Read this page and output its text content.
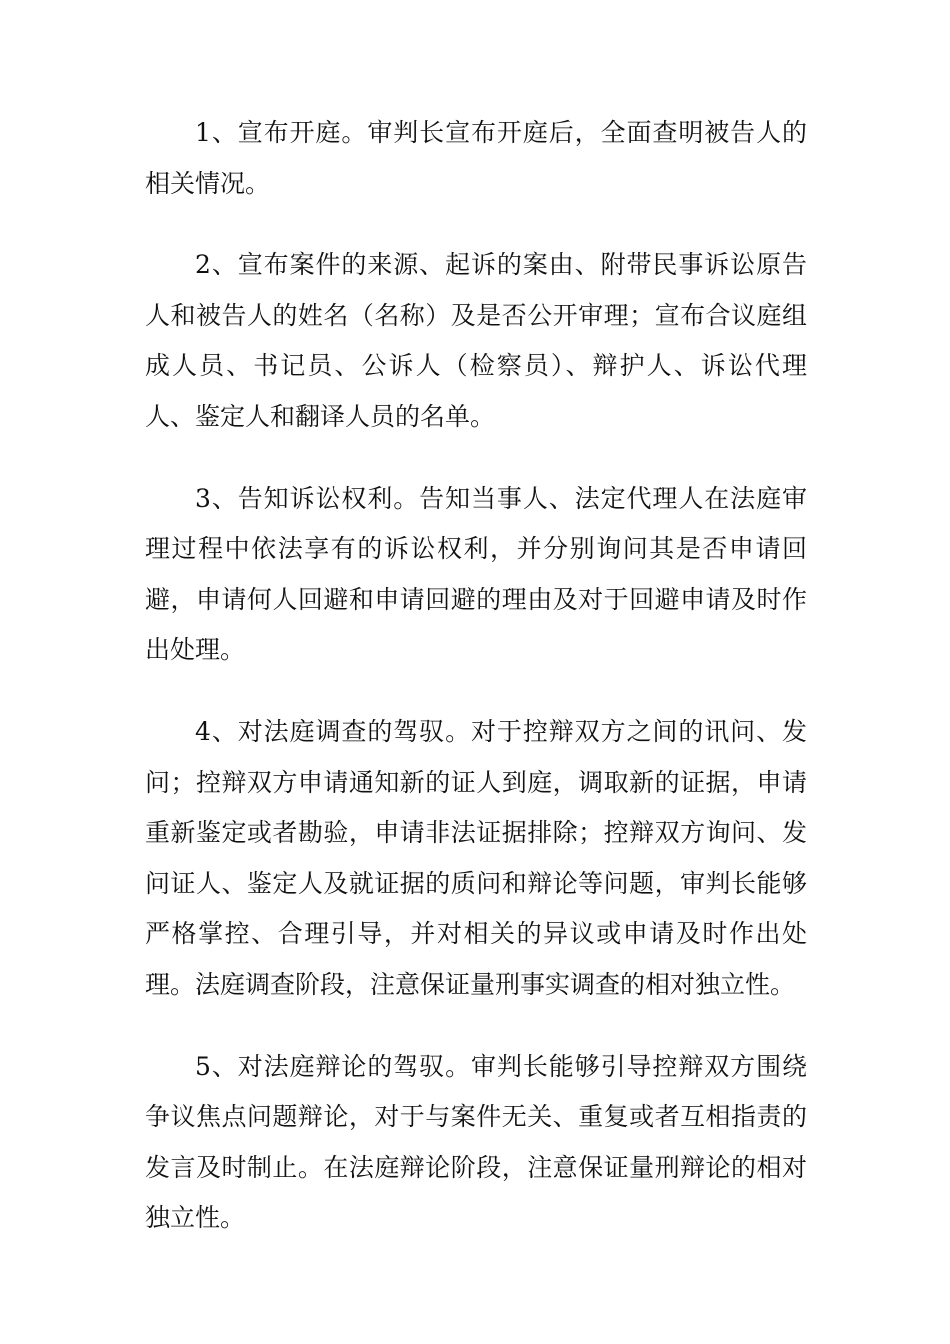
1、宣布开庭。审判长宣布开庭后，全面查明被告人的相关情况。

2、宣布案件的来源、起诉的案由、附带民事诉讼原告人和被告人的姓名（名称）及是否公开审理；宣布合议庭组成人员、书记员、公诉人（检察员）、辩护人、诉讼代理人、鉴定人和翻译人员的名单。

3、告知诉讼权利。告知当事人、法定代理人在法庭审理过程中依法享有的诉讼权利，并分别询问其是否申请回避，申请何人回避和申请回避的理由及对于回避申请及时作出处理。

4、对法庭调查的驾驭。对于控辩双方之间的讯问、发问；控辩双方申请通知新的证人到庭，调取新的证据，申请重新鉴定或者勘验，申请非法证据排除；控辩双方询问、发问证人、鉴定人及就证据的质问和辩论等问题，审判长能够严格掌控、合理引导，并对相关的异议或申请及时作出处理。法庭调查阶段，注意保证量刑事实调查的相对独立性。

5、对法庭辩论的驾驭。审判长能够引导控辩双方围绕争议焦点问题辩论，对于与案件无关、重复或者互相指责的发言及时制止。在法庭辩论阶段，注意保证量刑辩论的相对独立性。
